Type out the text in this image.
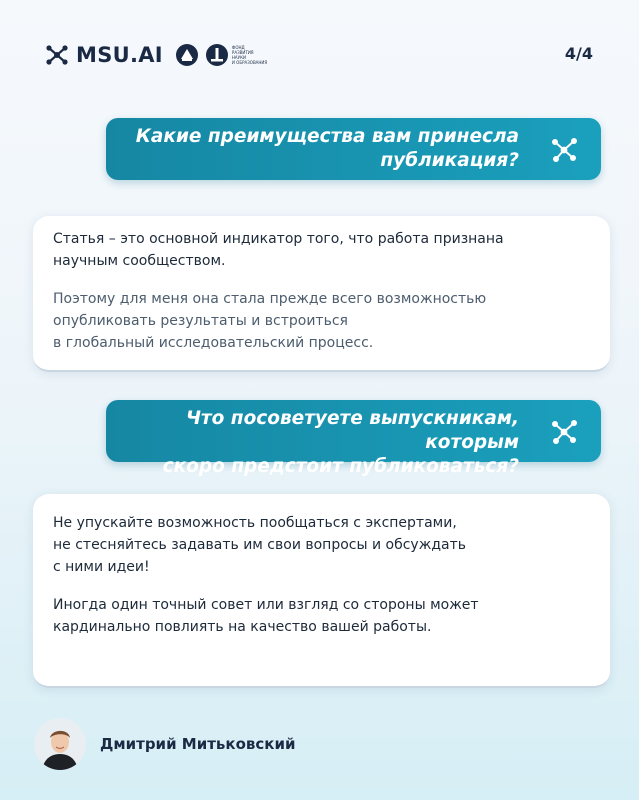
MSU.AI	ФОНД
РАЗВИТИЯ
НАУКИ
И ОБРАЗОВАНИЯ	4/4
Какие преимущества вам принесла
публикация?

Статья – это основной индикатор того, что работа признана
научным сообществом.

Поэтому для меня она стала прежде всего возможностью
опубликовать результаты и встроиться
в глобальный исследовательский процесс.

Что посоветуете выпускникам, которым
скоро предстоит публиковаться?

Не упускайте возможность пообщаться с экспертами,
не стесняйтесь задавать им свои вопросы и обсуждать
с ними идеи!

Иногда один точный совет или взгляд со стороны может
кардинально повлиять на качество вашей работы.

Дмитрий Митьковский
